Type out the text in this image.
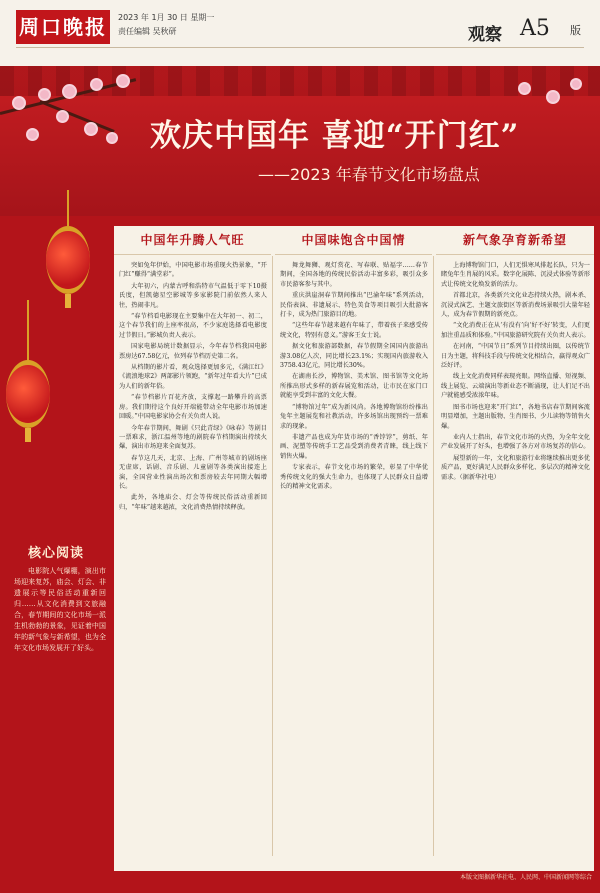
周口晚报	2023 年 1月 30 日 星期一
责任编辑 吴秋研	观察 A5 版
欢庆中国年 喜迎“开门红”
——2023 年春节文化市场盘点
核心阅读
电影院人气爆棚，演出市场迎来复苏，庙会、灯会、非遗展示等民俗活动重新回归……从文化消费到文旅融合，春节期间的文化市场一派生机勃勃的景象，见证着中国年的新气象与新希望，也为全年文化市场发展开了好头。
中国年升腾人气旺

突如兔年伊始，中国电影市场重现火热景象，“开门红”赚得“满堂彩”。

大年初六，内蒙古呼和浩特市气温低于零下10摄氏度，但凯德星空影城等多家影院门前依然人来人往，热闹非凡。

“春节档看电影现在主要集中在大年初一、初二，这个春节我们的上座率很高，不少家庭选择看电影度过节假日。”影城负责人表示。

国家电影局统计数据显示，今年春节档我国电影票房达67.58亿元，位列春节档历史第二名。

从档期的影片看，观众选择更加多元，《满江红》《流浪地球2》两部影片领跑，“新年过年看大片”已成为人们的新年俗。

“春节档影片百花齐放，支撑起一路攀升的高票房。我们期待这个良好开端能带动全年电影市场加速回暖。”中国电影家协会有关负责人说。

今年春节期间，舞剧《只此青绿》《咏春》等剧目一票难求，浙江温州等地的剧院春节档期演出持续火爆，演出市场迎来全面复苏。

春节这几天，北京、上海、广州等城市的剧场座无虚席，话剧、音乐剧、儿童剧等各类演出接连上演，全国营业性演出场次和票房较去年同期大幅增长。

此外，各地庙会、灯会等传统民俗活动重新回归，“年味”越来越浓，文化消费热情持续释放。

中国味饱含中国情

舞龙舞狮、观灯赏花、写春联、贴福字……春节期间，全国各地的传统民俗活动丰富多彩，吸引众多市民游客参与其中。

重庆洪崖洞春节期间推出“巴渝年味”系列活动，民俗表演、非遗展示、特色美食等项目吸引大批游客打卡，成为热门旅游目的地。

“这些年春节越来越有年味了，带着孩子来感受传统文化，特别有意义。”游客王女士说。

据文化和旅游部数据，春节假期全国国内旅游出游3.08亿人次，同比增长23.1%；实现国内旅游收入3758.43亿元，同比增长30%。

在湖南长沙，博物馆、美术馆、图书馆等文化场所推出形式多样的新春展览和活动，让市民在家门口就能享受到丰富的文化大餐。

“博物馆过年”成为新风尚。各地博物馆纷纷推出兔年主题展览和社教活动，许多场馆出现预约一票难求的现象。

非遗产品也成为年货市场的“香饽饽”，剪纸、年画、泥塑等传统手工艺品受到消费者青睐，线上线下销售火爆。

专家表示，春节文化市场的繁荣，彰显了中华优秀传统文化的强大生命力，也体现了人民群众日益增长的精神文化需求。

新气象孕育新希望

上海博物馆门口，人们无惧寒风排起长队，只为一睹兔年生肖展的风采。数字化展陈、沉浸式体验等新形式让传统文化焕发新的活力。

首都北京，各类新兴文化业态持续火热，剧本杀、沉浸式演艺、主题文旅街区等新消费场景吸引大量年轻人，成为春节假期的新亮点。

“文化消费正在从‘有没有’向‘好不好’转变，人们更加注重品质和体验。”中国旅游研究院有关负责人表示。

在河南，“中国节日”系列节目持续出圈，以传统节日为主题，将科技手段与传统文化相结合，赢得观众广泛好评。

线上文化消费同样表现亮眼。网络直播、短视频、线上展览、云端演出等新业态不断涌现，让人们足不出户就能感受浓浓年味。

图书市场也迎来“开门红”，各地书店春节期间客流明显增加，主题出版物、生肖图书、少儿读物等销售火爆。

业内人士指出，春节文化市场的火热，为全年文化产业发展开了好头，也增强了各方对市场复苏的信心。

展望新的一年，文化和旅游行业将继续推出更多优质产品，更好满足人民群众多样化、多层次的精神文化需求。（据新华社电）

本版文图据新华社电、人民网、中国新闻网等综合
